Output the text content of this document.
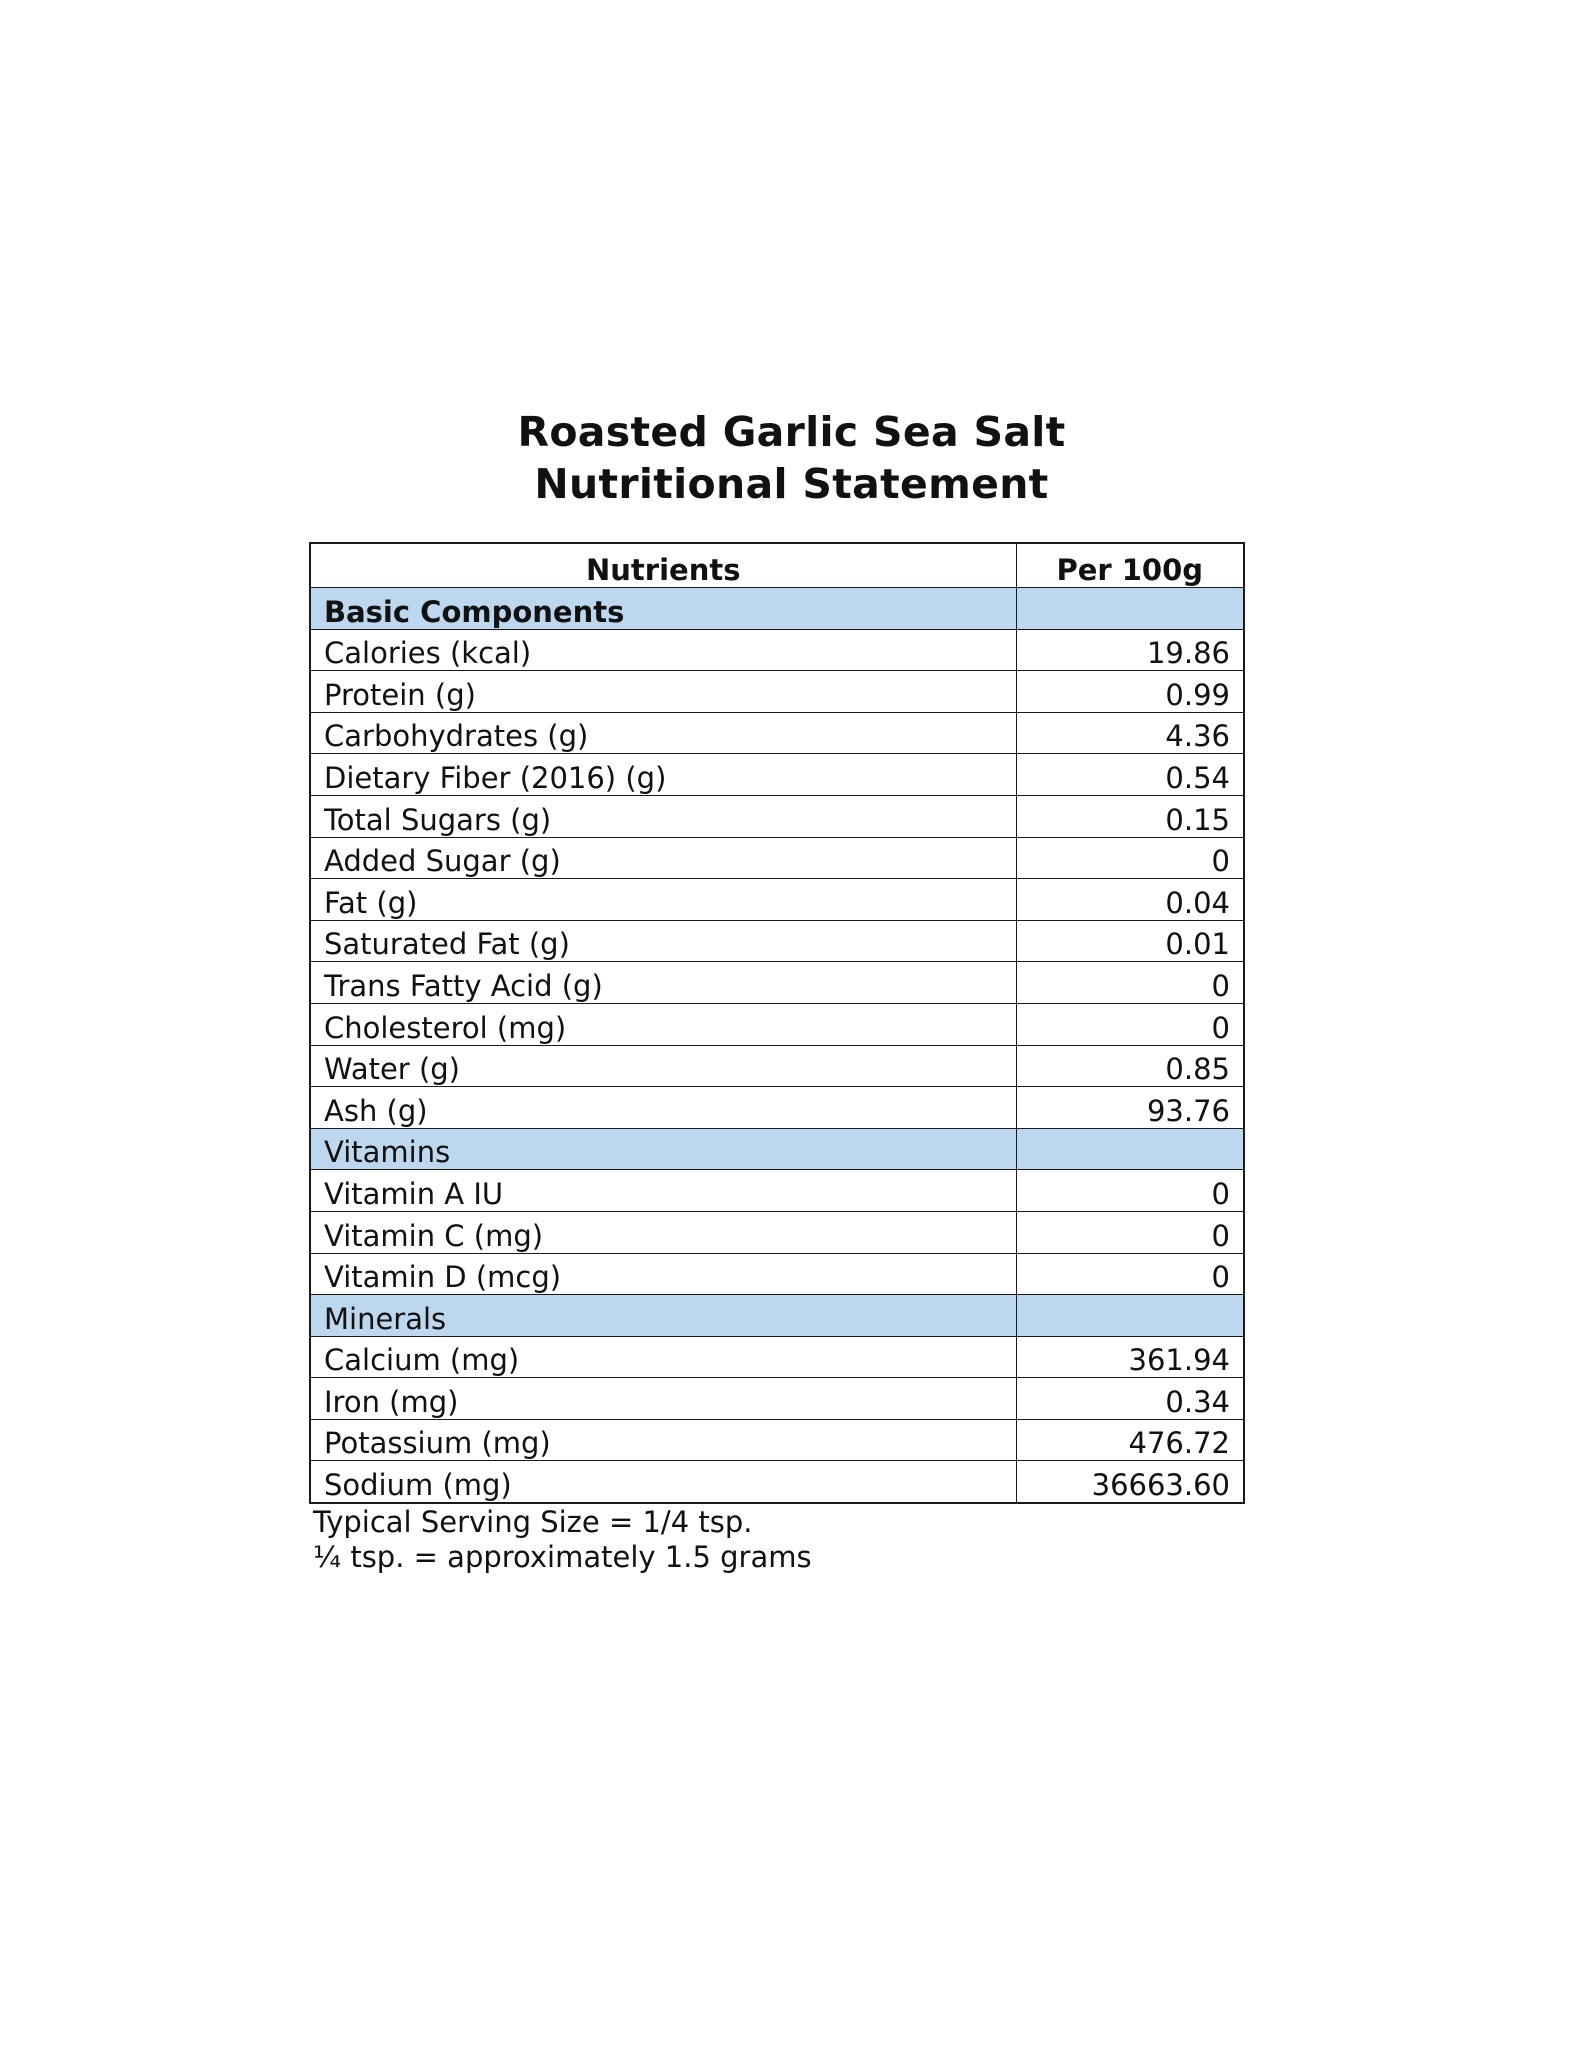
Roasted Garlic Sea Salt
Nutritional Statement
Nutrients	Per 100g
Basic Components	
Calories (kcal)	19.86
Protein (g)	0.99
Carbohydrates (g)	4.36
Dietary Fiber (2016) (g)	0.54
Total Sugars (g)	0.15
Added Sugar (g)	0
Fat (g)	0.04
Saturated Fat (g)	0.01
Trans Fatty Acid (g)	0
Cholesterol (mg)	0
Water (g)	0.85
Ash (g)	93.76
Vitamins	
Vitamin A IU	0
Vitamin C (mg)	0
Vitamin D (mcg)	0
Minerals	
Calcium (mg)	361.94
Iron (mg)	0.34
Potassium (mg)	476.72
Sodium (mg)	36663.60
Typical Serving Size = 1/4 tsp.
¼ tsp. = approximately 1.5 grams
